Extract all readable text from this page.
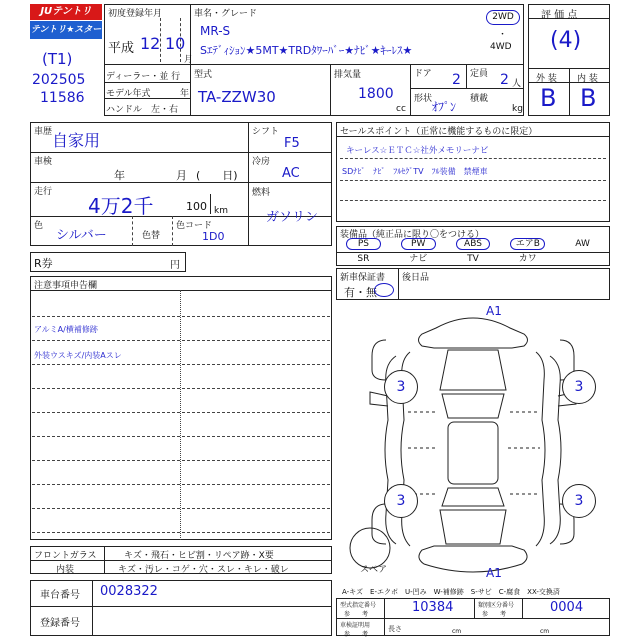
JUテントリ
テントリ★スター
(T1)
202505
11586
初度登録年月
平成 12 10
月
車名・グレード
MR-S
Sｴﾃﾞｨｼｮﾝ★5MT★TRDﾀﾜｰﾊﾞｰ★ﾅﾋﾞ★ｷｰﾚｽ★
2WD
・
4WD
ディーラー・並 行
モデル年式	年
ハンドル　左・右
型式
TA-ZZW30
排気量
1800
cc
ドア 2 定員 2 人
形状
ｵﾌﾟﾝ
積載
kg
評 価 点
(4)
外 装 内 装
B B
車歴 自家用	シフト
F5
車検
年	月 (　　日)
冷房
AC
走行
4万2千	100 km
燃料
ガソリン
色
シルバー	色替
色コード
1D0
R券	円
セールスポイント（正常に機能するものに限定）
キーレス☆ＥＴＣ☆社外メモリーナビ
SDﾅﾋﾞ　ﾅﾋﾞ　ﾌﾙｾｸﾞTV　ﾌﾙ装備　禁煙車
装備品（純正品に限り〇をつける）
PS	PW	ABS	エアB	AW
SR	ナビ	TV	カワ
新車保証書
有・無
後日品
注意事項申告欄
アルミA/横補修跡
外装ウスキズ/内装Aスレ
A1
A1
3	3
3	3
スペア
A-キズ　E-エクボ　U-凹み　W-補修跡　S-サビ　C-腐食　XX-交換済
フロントガラス	キズ・飛石・ヒビ割・リペア跡・X要
内装	キズ・汚レ・コゲ・穴・スレ・キレ・破レ
車台番号 0028322
登録番号
型式指定番号
参　　考	10384	類別区分番号
参　　考	0004
車検証明用
参　　考
長さ	cm	cm
